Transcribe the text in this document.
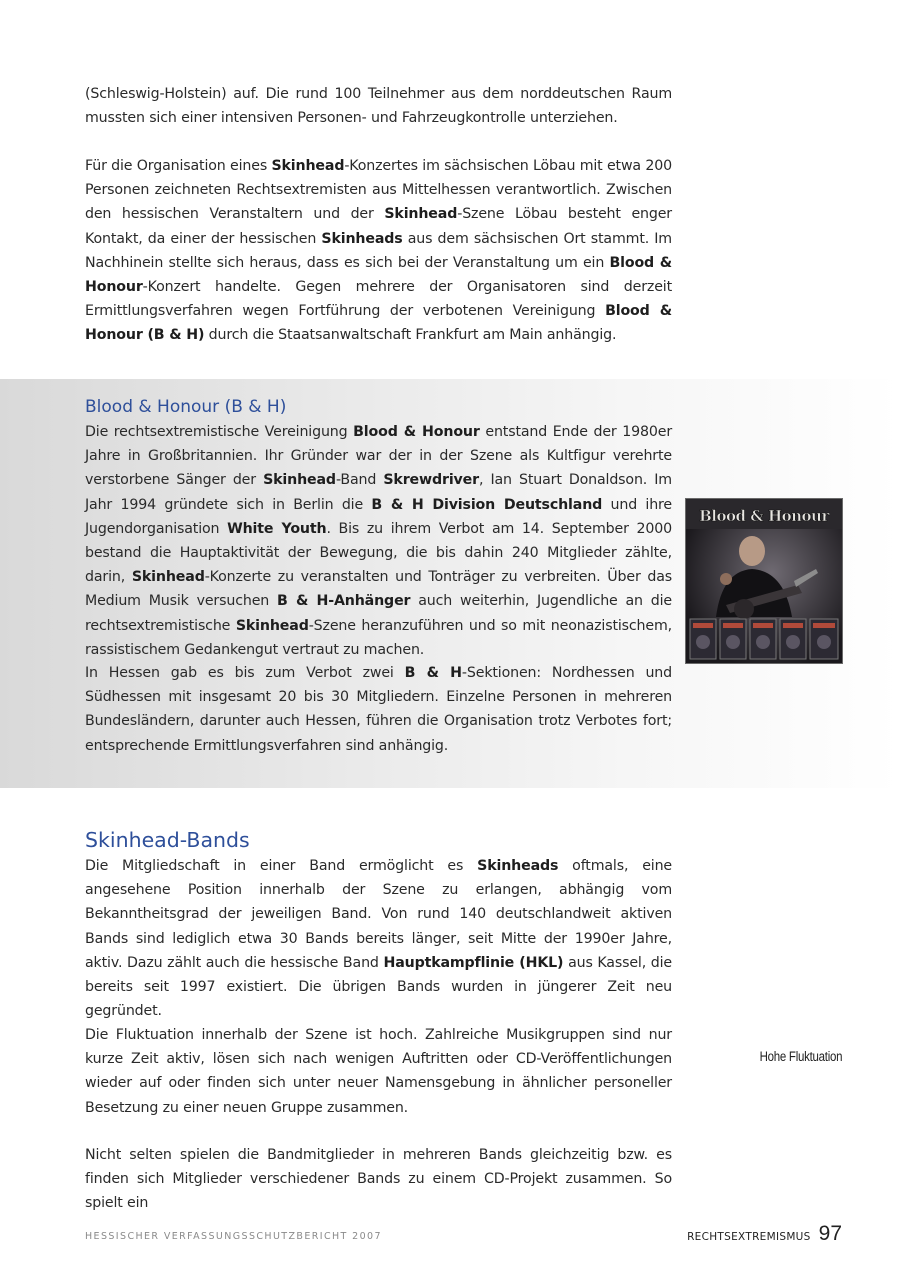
(Schleswig-Holstein) auf. Die rund 100 Teilnehmer aus dem norddeutschen Raum mussten sich einer intensiven Personen- und Fahrzeugkontrolle unterziehen.
Für die Organisation eines Skinhead-Konzertes im sächsischen Löbau mit etwa 200 Personen zeichneten Rechtsextremisten aus Mittelhessen verantwortlich. Zwischen den hessischen Veranstaltern und der Skinhead-Szene Löbau besteht enger Kontakt, da einer der hessischen Skinheads aus dem sächsischen Ort stammt. Im Nachhinein stellte sich heraus, dass es sich bei der Veranstaltung um ein Blood & Honour-Konzert handelte. Gegen mehrere der Organisatoren sind derzeit Ermittlungsverfahren wegen Fortführung der verbotenen Vereinigung Blood & Honour (B & H) durch die Staatsanwaltschaft Frankfurt am Main anhängig.
Blood & Honour (B & H)
Die rechtsextremistische Vereinigung Blood & Honour entstand Ende der 1980er Jahre in Großbritannien. Ihr Gründer war der in der Szene als Kultfigur verehrte verstorbene Sänger der Skinhead-Band Skrewdriver, Ian Stuart Donaldson. Im Jahr 1994 gründete sich in Berlin die B & H Division Deutschland und ihre Jugendorganisation White Youth. Bis zu ihrem Verbot am 14. September 2000 bestand die Hauptaktivität der Bewegung, die bis dahin 240 Mitglieder zählte, darin, Skinhead-Konzerte zu veranstalten und Tonträger zu verbreiten. Über das Medium Musik versuchen B & H-Anhänger auch weiterhin, Jugendliche an die rechtsextremistische Skinhead-Szene heranzuführen und so mit neonazistischem, rassistischem Gedankengut vertraut zu machen.
In Hessen gab es bis zum Verbot zwei B & H-Sektionen: Nordhessen und Südhessen mit insgesamt 20 bis 30 Mitgliedern. Einzelne Personen in mehreren Bundesländern, darunter auch Hessen, führen die Organisation trotz Verbotes fort; entsprechende Ermittlungsverfahren sind anhängig.
Blood & Honour
Skinhead-Bands
Die Mitgliedschaft in einer Band ermöglicht es Skinheads oftmals, eine angesehene Position innerhalb der Szene zu erlangen, abhängig vom Bekanntheitsgrad der jeweiligen Band. Von rund 140 deutschlandweit aktiven Bands sind lediglich etwa 30 Bands bereits länger, seit Mitte der 1990er Jahre, aktiv. Dazu zählt auch die hessische Band Hauptkampflinie (HKL) aus Kassel, die bereits seit 1997 existiert. Die übrigen Bands wurden in jüngerer Zeit neu gegründet.
Die Fluktuation innerhalb der Szene ist hoch. Zahlreiche Musikgruppen sind nur kurze Zeit aktiv, lösen sich nach wenigen Auftritten oder CD-Veröffentlichungen wieder auf oder finden sich unter neuer Namensgebung in ähnlicher personeller Besetzung zu einer neuen Gruppe zusammen.
Nicht selten spielen die Bandmitglieder in mehreren Bands gleichzeitig bzw. es finden sich Mitglieder verschiedener Bands zu einem CD-Projekt zusammen. So spielt ein
Hohe Fluktuation
HESSISCHER VERFASSUNGSSCHUTZBERICHT 2007	RECHTSEXTREMISMUS 97
